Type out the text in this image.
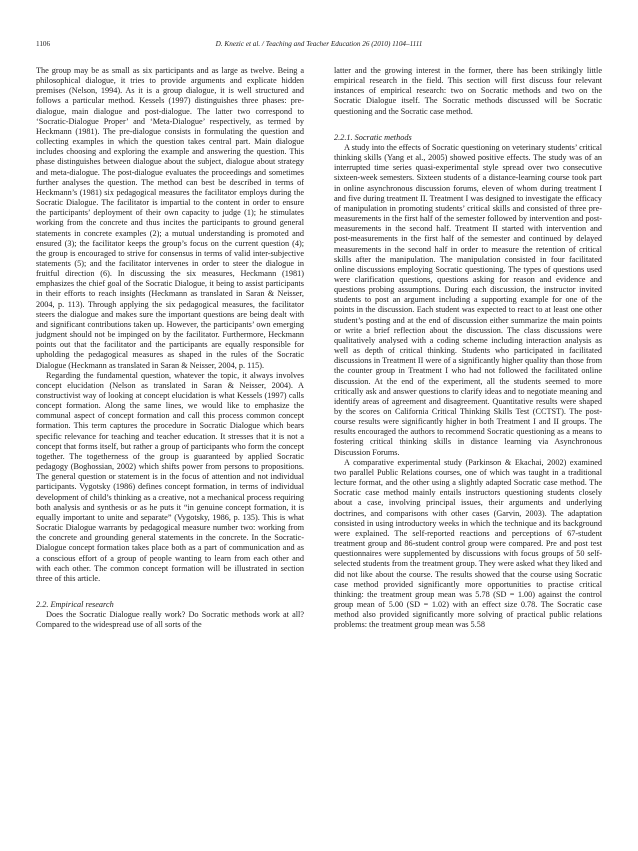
1106	D. Knezic et al. / Teaching and Teacher Education 26 (2010) 1104–1111

The group may be as small as six participants and as large as twelve. Being a philosophical dialogue, it tries to provide arguments and explicate hidden premises (Nelson, 1994). As it is a group dialogue, it is well structured and follows a particular method. Kessels (1997) distinguishes three phases: pre-dialogue, main dialogue and post-dialogue. The latter two correspond to ‘Socratic-Dialogue Proper’ and ‘Meta-Dialogue’ respectively, as termed by Heckmann (1981). The pre-dialogue consists in formulating the question and collecting examples in which the question takes central part. Main dialogue includes choosing and exploring the example and answering the question. This phase distinguishes between dialogue about the subject, dialogue about strategy and meta-dialogue. The post-dialogue evaluates the proceedings and sometimes further analyses the question. The method can best be described in terms of Heckmann’s (1981) six pedagogical measures the facilitator employs during the Socratic Dialogue. The facilitator is impartial to the content in order to ensure the participants’ deployment of their own capacity to judge (1); he stimulates working from the concrete and thus incites the participants to ground general statements in concrete examples (2); a mutual understanding is promoted and ensured (3); the facilitator keeps the group’s focus on the current question (4); the group is encouraged to strive for consensus in terms of valid inter-subjective statements (5); and the facilitator intervenes in order to steer the dialogue in fruitful direction (6). In discussing the six measures, Heckmann (1981) emphasizes the chief goal of the Socratic Dialogue, it being to assist participants in their efforts to reach insights (Heckmann as translated in Saran & Neisser, 2004, p. 113). Through applying the six pedagogical measures, the facilitator steers the dialogue and makes sure the important questions are being dealt with and significant contributions taken up. However, the participants’ own emerging judgment should not be impinged on by the facilitator. Furthermore, Heckmann points out that the facilitator and the participants are equally responsible for upholding the pedagogical measures as shaped in the rules of the Socratic Dialogue (Heckmann as translated in Saran & Neisser, 2004, p. 115).

Regarding the fundamental question, whatever the topic, it always involves concept elucidation (Nelson as translated in Saran & Neisser, 2004). A constructivist way of looking at concept elucidation is what Kessels (1997) calls concept formation. Along the same lines, we would like to emphasize the communal aspect of concept formation and call this process common concept formation. This term captures the procedure in Socratic Dialogue which bears specific relevance for teaching and teacher education. It stresses that it is not a concept that forms itself, but rather a group of participants who form the concept together. The togetherness of the group is guaranteed by applied Socratic pedagogy (Boghossian, 2002) which shifts power from persons to propositions. The general question or statement is in the focus of attention and not individual participants. Vygotsky (1986) defines concept formation, in terms of individual development of child’s thinking as a creative, not a mechanical process requiring both analysis and synthesis or as he puts it “in genuine concept formation, it is equally important to unite and separate” (Vygotsky, 1986, p. 135). This is what Socratic Dialogue warrants by pedagogical measure number two: working from the concrete and grounding general statements in the concrete. In the Socratic-Dialogue concept formation takes place both as a part of communication and as a conscious effort of a group of people wanting to learn from each other and with each other. The common concept formation will be illustrated in section three of this article.

2.2. Empirical research

Does the Socratic Dialogue really work? Do Socratic methods work at all? Compared to the widespread use of all sorts of the

latter and the growing interest in the former, there has been strikingly little empirical research in the field. This section will first discuss four relevant instances of empirical research: two on Socratic methods and two on the Socratic Dialogue itself. The Socratic methods discussed will be Socratic questioning and the Socratic case method.

2.2.1. Socratic methods

A study into the effects of Socratic questioning on veterinary students’ critical thinking skills (Yang et al., 2005) showed positive effects. The study was of an interrupted time series quasi-experimental style spread over two consecutive sixteen-week semesters. Sixteen students of a distance-learning course took part in online asynchronous discussion forums, eleven of whom during treatment I and five during treatment II. Treatment I was designed to investigate the efficacy of manipulation in promoting students’ critical skills and consisted of three pre-measurements in the first half of the semester followed by intervention and post-measurements in the second half. Treatment II started with intervention and post-measurements in the first half of the semester and continued by delayed measurements in the second half in order to measure the retention of critical skills after the manipulation. The manipulation consisted in four facilitated online discussions employing Socratic questioning. The types of questions used were clarification questions, questions asking for reason and evidence and questions probing assumptions. During each discussion, the instructor invited students to post an argument including a supporting example for one of the points in the discussion. Each student was expected to react to at least one other student’s posting and at the end of discussion either summarize the main points or write a brief reflection about the discussion. The class discussions were qualitatively analysed with a coding scheme including interaction analysis as well as depth of critical thinking. Students who participated in facilitated discussions in Treatment II were of a significantly higher quality than those from the counter group in Treatment I who had not followed the facilitated online discussion. At the end of the experiment, all the students seemed to more critically ask and answer questions to clarify ideas and to negotiate meaning and identify areas of agreement and disagreement. Quantitative results were shaped by the scores on California Critical Thinking Skills Test (CCTST). The post-course results were significantly higher in both Treatment I and II groups. The results encouraged the authors to recommend Socratic questioning as a means to fostering critical thinking skills in distance learning via Asynchronous Discussion Forums.

A comparative experimental study (Parkinson & Ekachai, 2002) examined two parallel Public Relations courses, one of which was taught in a traditional lecture format, and the other using a slightly adapted Socratic case method. The Socratic case method mainly entails instructors questioning students closely about a case, involving principal issues, their arguments and underlying doctrines, and comparisons with other cases (Garvin, 2003). The adaptation consisted in using introductory weeks in which the technique and its background were explained. The self-reported reactions and perceptions of 67-student treatment group and 86-student control group were compared. Pre and post test questionnaires were supplemented by discussions with focus groups of 50 self-selected students from the treatment group. They were asked what they liked and did not like about the course. The results showed that the course using Socratic case method provided significantly more opportunities to practise critical thinking: the treatment group mean was 5.78 (SD = 1.00) against the control group mean of 5.00 (SD = 1.02) with an effect size 0.78. The Socratic case method also provided significantly more solving of practical public relations problems: the treatment group mean was 5.58
